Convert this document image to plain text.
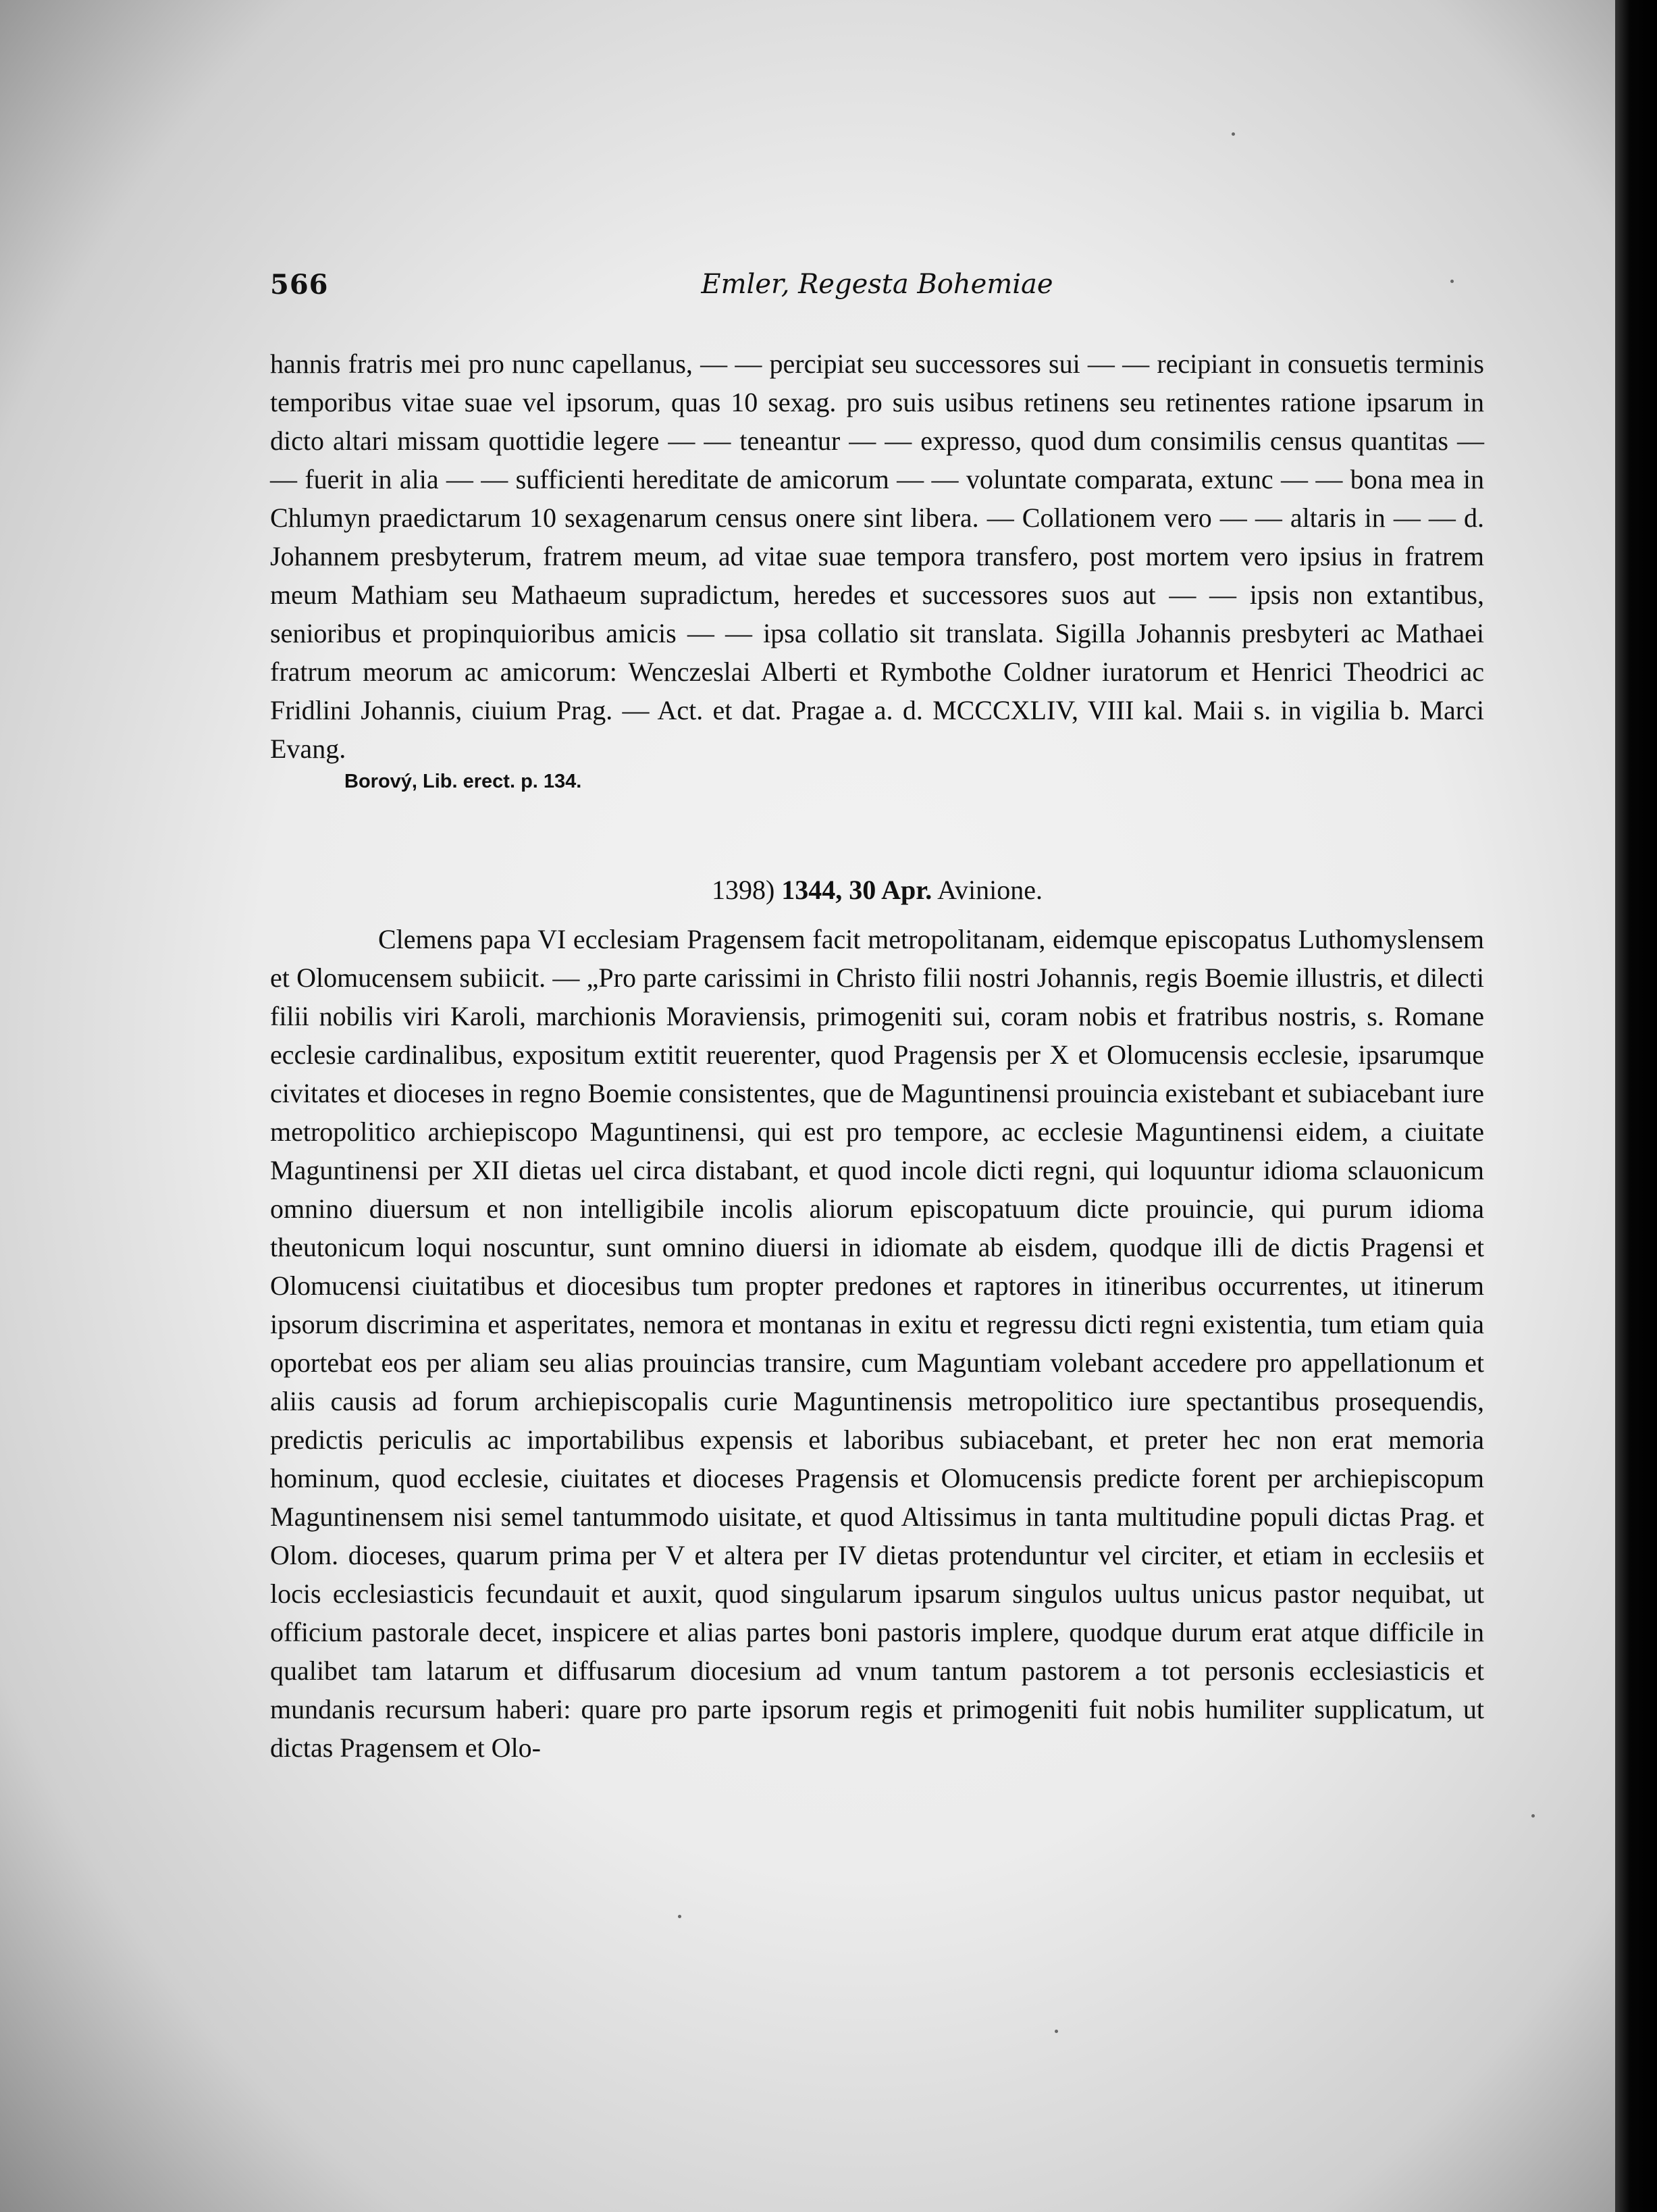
566	Emler, Regesta Bohemiae

hannis fratris mei pro nunc capellanus, — — percipiat seu successores sui — — recipiant in consuetis terminis temporibus vitae suae vel ipsorum, quas 10 sexag. pro suis usibus retinens seu retinentes ratione ipsarum in dicto altari missam quottidie legere — — teneantur — — expresso, quod dum consimilis census quantitas — — fuerit in alia — — sufficienti hereditate de amicorum — — voluntate comparata, extunc — — bona mea in Chlumyn praedictarum 10 sexagenarum census onere sint libera. — Collationem vero — — altaris in — — d. Johannem presbyterum, fratrem meum, ad vitae suae tempora transfero, post mortem vero ipsius in fratrem meum Mathiam seu Mathaeum supradictum, heredes et successores suos aut — — ipsis non extantibus, senioribus et propinquioribus amicis — — ipsa collatio sit translata. Sigilla Johannis presbyteri ac Mathaei fratrum meorum ac amicorum: Wenczeslai Alberti et Rymbothe Coldner iuratorum et Henrici Theodrici ac Fridlini Johannis, ciuium Prag. — Act. et dat. Pragae a. d. MCCCXLIV, VIII kal. Maii s. in vigilia b. Marci Evang.

Borový, Lib. erect. p. 134.
1398) 1344, 30 Apr. Avinione.

Clemens papa VI ecclesiam Pragensem facit metropolitanam, eidemque episcopatus Luthomyslensem et Olomucensem subiicit. — „Pro parte carissimi in Christo filii nostri Johannis, regis Boemie illustris, et dilecti filii nobilis viri Karoli, marchionis Moraviensis, primogeniti sui, coram nobis et fratribus nostris, s. Romane ecclesie cardinalibus, expositum extitit reuerenter, quod Pragensis per X et Olomucensis ecclesie, ipsarumque civitates et dioceses in regno Boemie consistentes, que de Maguntinensi prouincia existebant et subiacebant iure metropolitico archiepiscopo Maguntinensi, qui est pro tempore, ac ecclesie Maguntinensi eidem, a ciuitate Maguntinensi per XII dietas uel circa distabant, et quod incole dicti regni, qui loquuntur idioma sclauonicum omnino diuersum et non intelligibile incolis aliorum episcopatuum dicte prouincie, qui purum idioma theutonicum loqui noscuntur, sunt omnino diuersi in idiomate ab eisdem, quodque illi de dictis Pragensi et Olomucensi ciuitatibus et diocesibus tum propter predones et raptores in itineribus occurrentes, ut itinerum ipsorum discrimina et asperitates, nemora et montanas in exitu et regressu dicti regni existentia, tum etiam quia oportebat eos per aliam seu alias prouincias transire, cum Maguntiam volebant accedere pro appellationum et aliis causis ad forum archiepiscopalis curie Maguntinensis metropolitico iure spectantibus prosequendis, predictis periculis ac importabilibus expensis et laboribus subiacebant, et preter hec non erat memoria hominum, quod ecclesie, ciuitates et dioceses Pragensis et Olomucensis predicte forent per archiepiscopum Maguntinensem nisi semel tantummodo uisitate, et quod Altissimus in tanta multitudine populi dictas Prag. et Olom. dioceses, quarum prima per V et altera per IV dietas protenduntur vel circiter, et etiam in ecclesiis et locis ecclesiasticis fecundauit et auxit, quod singularum ipsarum singulos uultus unicus pastor nequibat, ut officium pastorale decet, inspicere et alias partes boni pastoris implere, quodque durum erat atque difficile in qualibet tam latarum et diffusarum diocesium ad vnum tantum pastorem a tot personis ecclesiasticis et mundanis recursum haberi: quare pro parte ipsorum regis et primogeniti fuit nobis humiliter supplicatum, ut dictas Pragensem et Olo-
